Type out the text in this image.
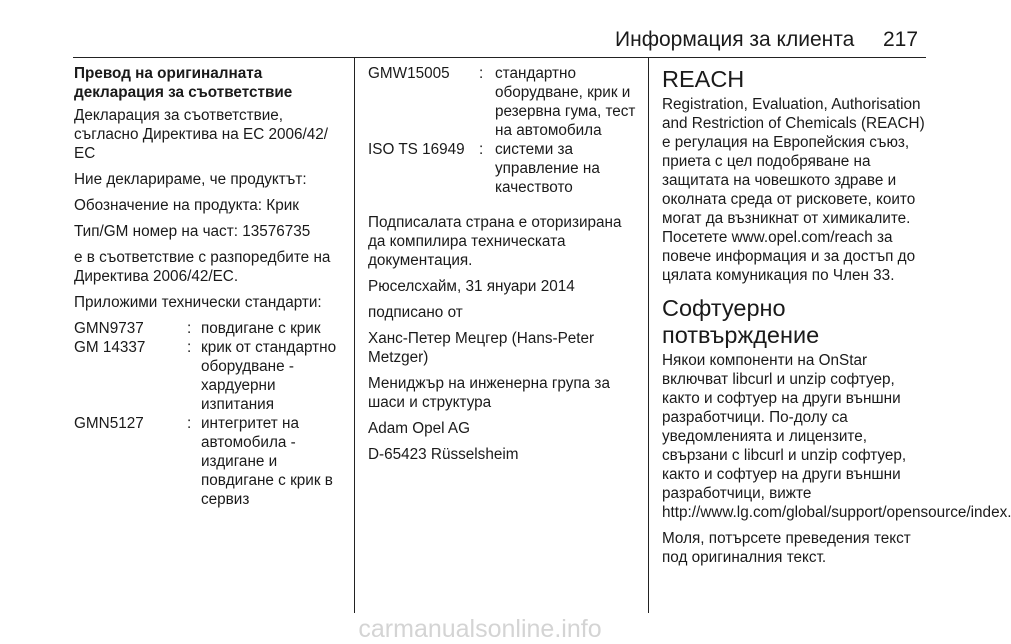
Информация за клиента 217

Превод на оригиналната декларация за съответствие

Декларация за съответствие, съгласно Директива на ЕС 2006/42/ЕС

Ние декларираме, че продуктът:

Обозначение на продукта: Крик

Тип/GM номер на част: 13576735

е в съответствие с разпоредбите на Директива 2006/42/ЕС.

Приложими технически стандарти:

GMN9737	: повдигане с крик
GM 14337	: крик от стандартно оборудване - хардуерни изпитания
GMN5127	: интегритет на автомобила - издигане и повдигане с крик в сервиз
GMW15005	: стандартно оборудване, крик и резервна гума, тест на автомобила
ISO TS 16949 : системи за управление на качеството

Подписалата страна е оторизирана да компилира техническата документация.

Рюселсхайм, 31 януари 2014

подписано от

Ханс-Петер Мецгер (Hans-Peter Metzger)

Мениджър на инженерна група за шаси и структура

Adam Opel AG

D-65423 Rüsselsheim

REACH

Registration, Evaluation, Authorisation and Restriction of Chemicals (REACH) е регулация на Европейския съюз, приета с цел подобряване на защитата на човешкото здраве и околната среда от рисковете, които могат да възникнат от химикалите. Посетете www.opel.com/reach за повече информация и за достъп до цялата комуникация по Член 33.

Софтуерно потвърждение

Някои компоненти на OnStar включват libcurl и unzip софтуер, както и софтуер на други външни разработчици. По-долу са уведомленията и лицензите, свързани с libcurl и unzip софтуер, както и софтуер на други външни разработчици, вижте http://www.lg.com/global/support/opensource/index.

Моля, потърсете преведения текст под оригиналния текст.

carmanualsonline.info
